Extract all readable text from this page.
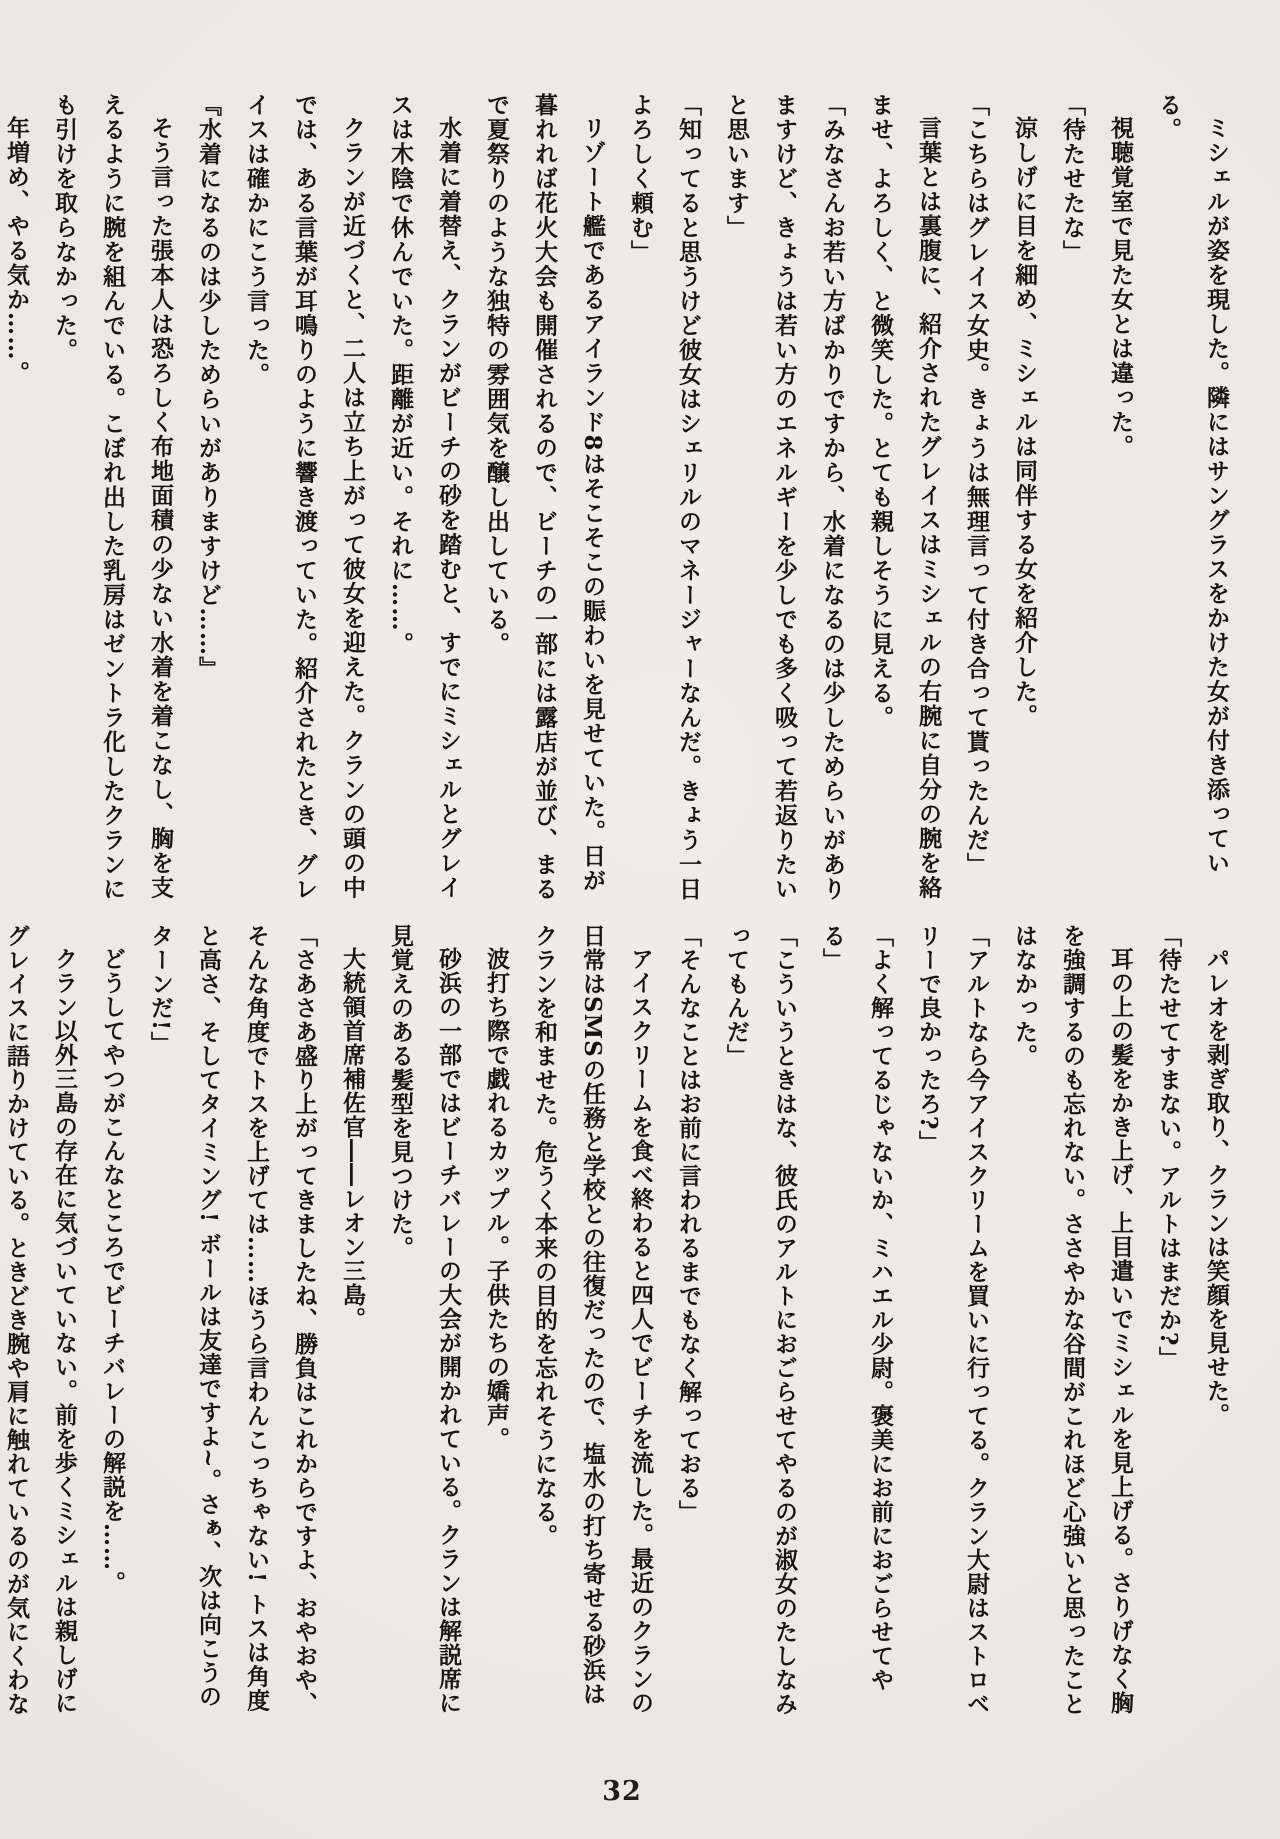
ミシェルが姿を現した。隣にはサングラスをかけた女が付き添っている。

視聴覚室で見た女とは違った。

「待たせたな」

涼しげに目を細め、ミシェルは同伴する女を紹介した。

「こちらはグレイス女史。きょうは無理言って付き合って貰ったんだ」

言葉とは裏腹に、紹介されたグレイスはミシェルの右腕に自分の腕を絡ませ、よろしく、と微笑した。とても親しそうに見える。

「みなさんお若い方ばかりですから、水着になるのは少しためらいがありますけど、きょうは若い方のエネルギーを少しでも多く吸って若返りたいと思います」

「知ってると思うけど彼女はシェリルのマネージャーなんだ。きょう一日よろしく頼む」

リゾート艦であるアイランド8はそこそこの賑わいを見せていた。日が暮れれば花火大会も開催されるので、ビーチの一部には露店が並び、まるで夏祭りのような独特の雰囲気を醸し出している。

水着に着替え、クランがビーチの砂を踏むと、すでにミシェルとグレイスは木陰で休んでいた。距離が近い。それに……。

クランが近づくと、二人は立ち上がって彼女を迎えた。クランの頭の中では、ある言葉が耳鳴りのように響き渡っていた。紹介されたとき、グレイスは確かにこう言った。

『水着になるのは少しためらいがありますけど……』

そう言った張本人は恐ろしく布地面積の少ない水着を着こなし、胸を支えるように腕を組んでいる。こぼれ出した乳房はゼントラ化したクランにも引けを取らなかった。

年増め、やる気か……。

パレオを剥ぎ取り、クランは笑顔を見せた。

「待たせてすまない。アルトはまだか?」

耳の上の髪をかき上げ、上目遣いでミシェルを見上げる。さりげなく胸を強調するのも忘れない。ささやかな谷間がこれほど心強いと思ったことはなかった。

「アルトなら今アイスクリームを買いに行ってる。クラン大尉はストロベリーで良かったろ?」

「よく解ってるじゃないか、ミハエル少尉。褒美にお前におごらせてやる」

「こういうときはな、彼氏のアルトにおごらせてやるのが淑女のたしなみってもんだ」

「そんなことはお前に言われるまでもなく解っておる」

アイスクリームを食べ終わると四人でビーチを流した。最近のクランの日常はSMSの任務と学校との往復だったので、塩水の打ち寄せる砂浜はクランを和ませた。危うく本来の目的を忘れそうになる。

波打ち際で戯れるカップル。子供たちの嬌声。

砂浜の一部ではビーチバレーの大会が開かれている。クランは解説席に見覚えのある髪型を見つけた。

大統領首席補佐官――レオン三島。

「さあさあ盛り上がってきましたね、勝負はこれからですよ、おやおや、そんな角度でトスを上げては……ほうら言わんこっちゃない! トスは角度と高さ、そしてタイミング! ボールは友達ですよ~。さぁ、次は向こうのターンだ!」

どうしてやつがこんなところでビーチバレーの解説を……。

クラン以外三島の存在に気づいていない。前を歩くミシェルは親しげにグレイスに語りかけている。ときどき腕や肩に触れているのが気にくわな

32
